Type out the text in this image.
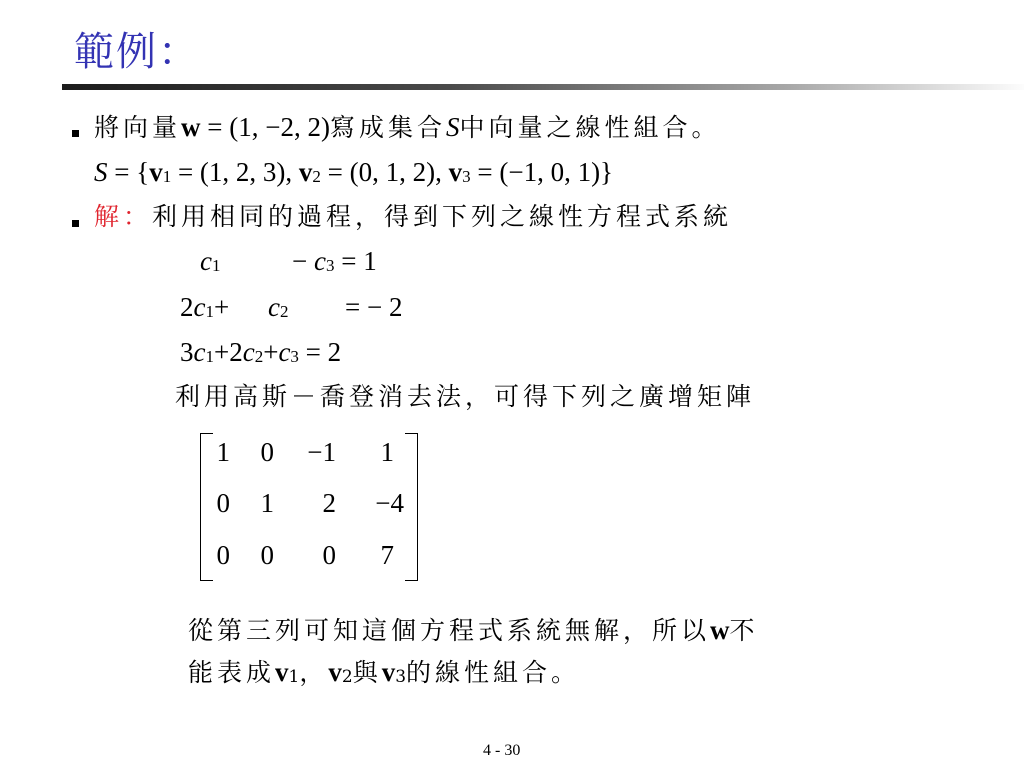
範例：
將向量w = (1, −2, 2)寫成集合S中向量之線性組合。
S = {v1 = (1, 2, 3), v2 = (0, 1, 2), v3 = (−1, 0, 1)}
解：利用相同的過程，得到下列之線性方程式系統
c1	− c3 = 1
2c1+ c2 = − 2
3c1+2c2+c3 = 2
利用高斯－喬登消去法，可得下列之廣增矩陣
1	0	−1	1
0	1	2	−4
0	0	0	7
從第三列可知這個方程式系統無解，所以w不
能表成v1，v2與v3的線性組合。
4 - 30
